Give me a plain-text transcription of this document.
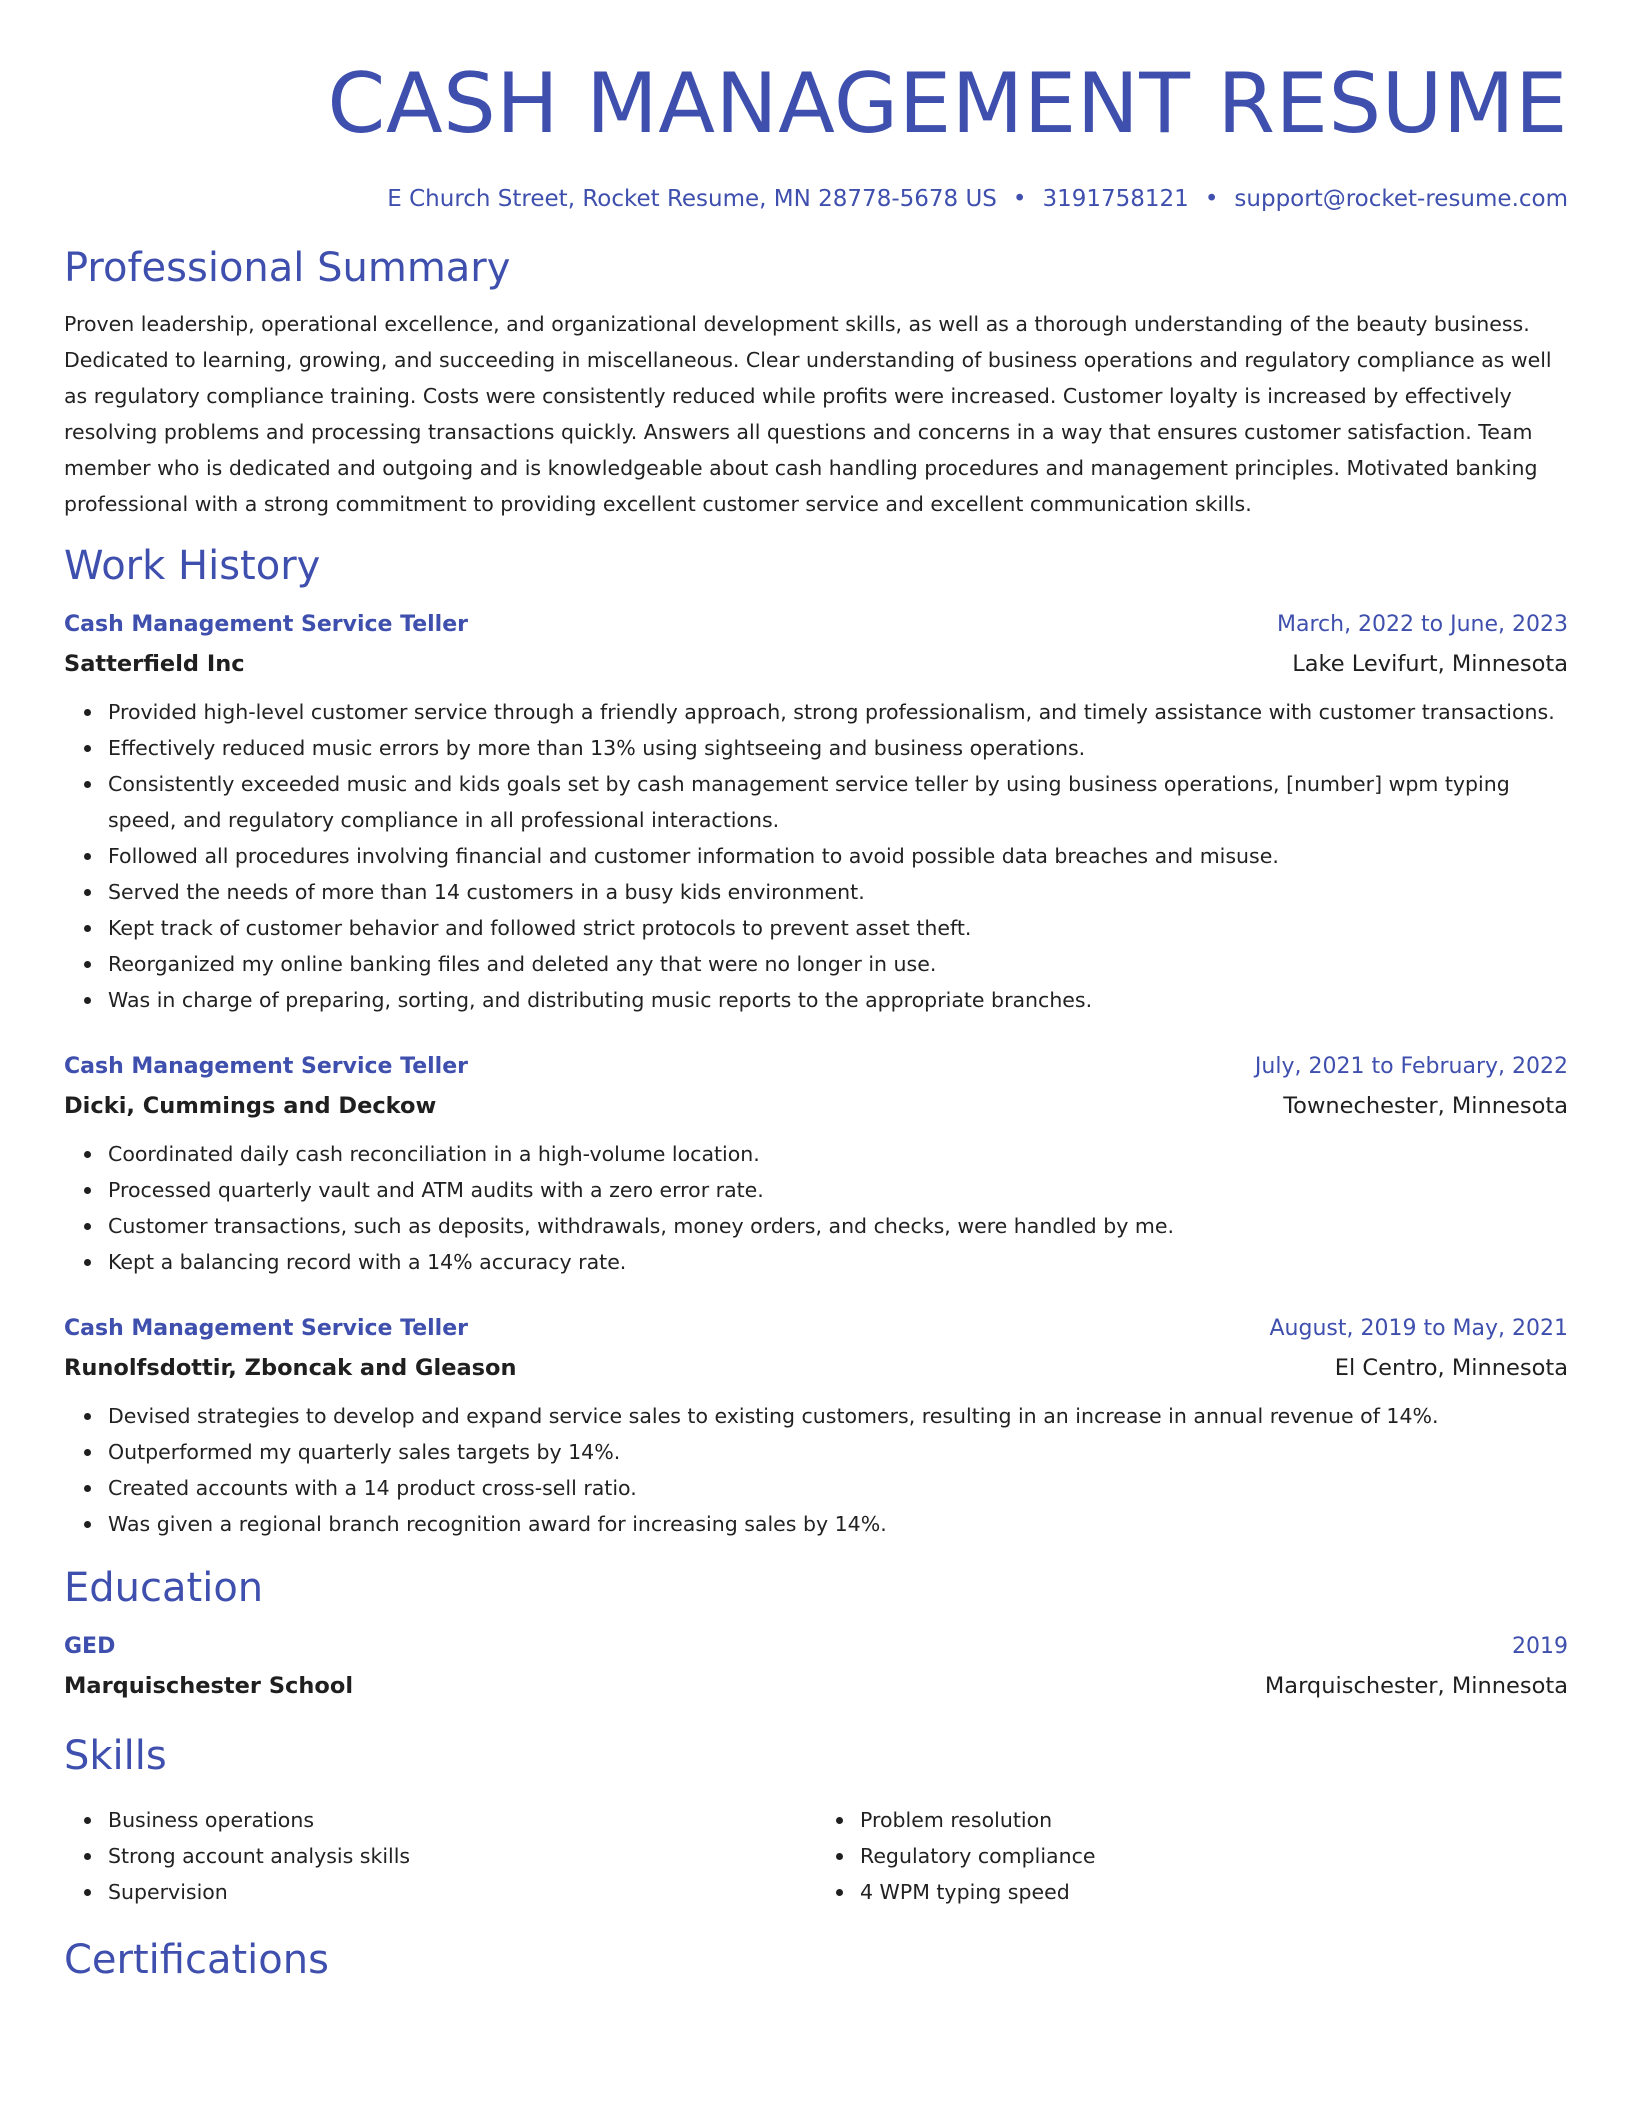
CASH MANAGEMENT RESUME
E Church Street, Rocket Resume, MN 28778-5678 US • 3191758121 • support@rocket-resume.com
Professional Summary

Proven leadership, operational excellence, and organizational development skills, as well as a thorough understanding of the beauty business. Dedicated to learning, growing, and succeeding in miscellaneous. Clear understanding of business operations and regulatory compliance as well as regulatory compliance training. Costs were consistently reduced while profits were increased. Customer loyalty is increased by effectively resolving problems and processing transactions quickly. Answers all questions and concerns in a way that ensures customer satisfaction. Team member who is dedicated and outgoing and is knowledgeable about cash handling procedures and management principles. Motivated banking professional with a strong commitment to providing excellent customer service and excellent communication skills.

Work History
Cash Management Service Teller	March, 2022 to June, 2023
Satterfield Inc	Lake Levifurt, Minnesota
Provided high-level customer service through a friendly approach, strong professionalism, and timely assistance with customer transactions.
Effectively reduced music errors by more than 13% using sightseeing and business operations.
Consistently exceeded music and kids goals set by cash management service teller by using business operations, [number] wpm typing speed, and regulatory compliance in all professional interactions.
Followed all procedures involving financial and customer information to avoid possible data breaches and misuse.
Served the needs of more than 14 customers in a busy kids environment.
Kept track of customer behavior and followed strict protocols to prevent asset theft.
Reorganized my online banking files and deleted any that were no longer in use.
Was in charge of preparing, sorting, and distributing music reports to the appropriate branches.
Cash Management Service Teller	July, 2021 to February, 2022
Dicki, Cummings and Deckow	Townechester, Minnesota
Coordinated daily cash reconciliation in a high-volume location.
Processed quarterly vault and ATM audits with a zero error rate.
Customer transactions, such as deposits, withdrawals, money orders, and checks, were handled by me.
Kept a balancing record with a 14% accuracy rate.
Cash Management Service Teller	August, 2019 to May, 2021
Runolfsdottir, Zboncak and Gleason	El Centro, Minnesota
Devised strategies to develop and expand service sales to existing customers, resulting in an increase in annual revenue of 14%.
Outperformed my quarterly sales targets by 14%.
Created accounts with a 14 product cross-sell ratio.
Was given a regional branch recognition award for increasing sales by 14%.
Education
GED	2019
Marquischester School	Marquischester, Minnesota
Skills
Business operations
Strong account analysis skills
Supervision
Problem resolution
Regulatory compliance
4 WPM typing speed
Certifications
